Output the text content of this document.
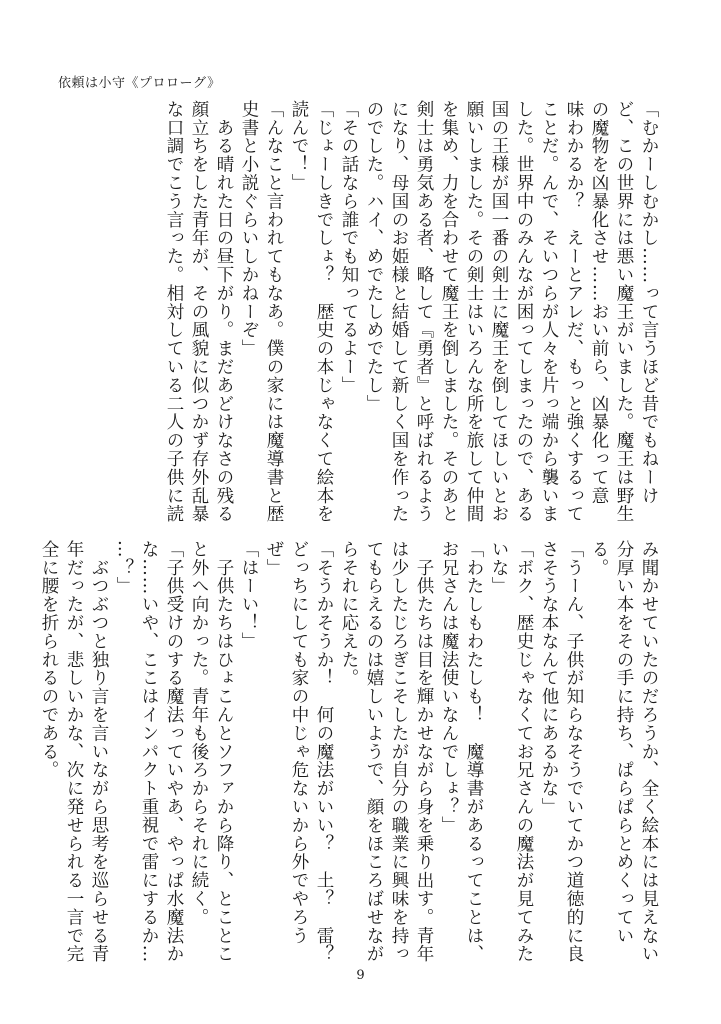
依頼は小守《プロローグ》
「むかーしむかし……って言うほど昔でもねーけ
ど、この世界には悪い魔王がいました。魔王は野生
の魔物を凶暴化させ……おい前ら、凶暴化って意
味わかるか？　えーとアレだ、もっと強くするって
ことだ。んで、そいつらが人々を片っ端から襲いま
した。世界中のみんなが困ってしまったので、ある
国の王様が国一番の剣士に魔王を倒してほしいとお
願いしました。その剣士はいろんな所を旅して仲間
を集め、力を合わせて魔王を倒しました。そのあと
剣士は勇気ある者、略して『勇者』と呼ばれるよう
になり、母国のお姫様と結婚して新しく国を作った
のでした。ハイ、めでたしめでたし」
「その話なら誰でも知ってるよー」
「じょーしきでしょ？　歴史の本じゃなくて絵本を
読んで！」
「んなこと言われてもなあ。僕の家には魔導書と歴
史書と小説ぐらいしかねーぞ」
　ある晴れた日の昼下がり。まだあどけなさの残る
顔立ちをした青年が、その風貌に似つかず存外乱暴
な口調でこう言った。相対している二人の子供に読
み聞かせていたのだろうか、全く絵本には見えない
分厚い本をその手に持ち、ぱらぱらとめくってい
る。
「うーん、子供が知らなそうでいてかつ道徳的に良
さそうな本なんて他にあるかな」
「ボク、歴史じゃなくてお兄さんの魔法が見てみた
いな」
「わたしもわたしも！　魔導書があるってことは、
お兄さんは魔法使いなんでしょ？」
　子供たちは目を輝かせながら身を乗り出す。青年
は少したじろぎこそしたが自分の職業に興味を持っ
てもらえるのは嬉しいようで、顔をほころばせなが
らそれに応えた。
「そうかそうか！　何の魔法がいい？　土？　雷？
どっちにしても家の中じゃ危ないから外でやろう
ぜ」
「はーい！」
　子供たちはひょこんとソファから降り、とことこ
と外へ向かった。青年も後ろからそれに続く。
「子供受けのする魔法っていやあ、やっぱ水魔法か
な……いや、ここはインパクト重視で雷にするか…
…？」
　ぶつぶつと独り言を言いながら思考を巡らせる青
年だったが、悲しいかな、次に発せられる一言で完
全に腰を折られるのである。
9
